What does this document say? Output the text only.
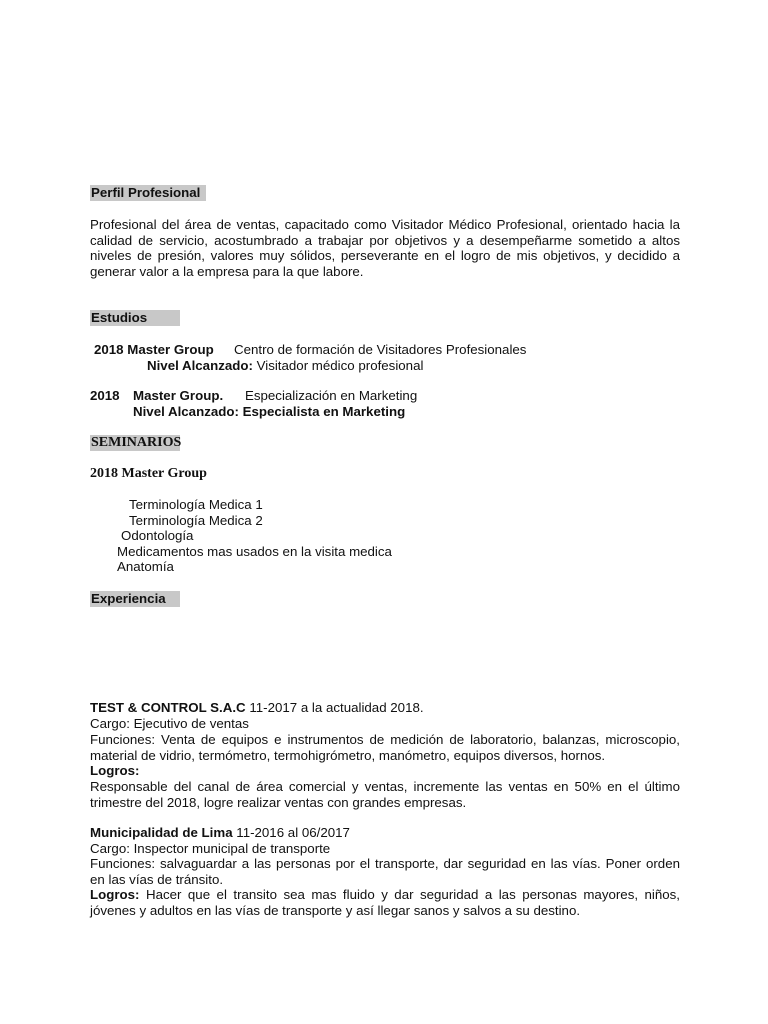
Perfil Profesional
Profesional del área de ventas, capacitado como Visitador Médico Profesional, orientado hacia la calidad de servicio, acostumbrado a trabajar por objetivos y a desempeñarme sometido a altos niveles de presión, valores muy sólidos, perseverante en el logro de mis objetivos, y decidido a generar valor a la empresa para la que labore.
Estudios
2018 Master Group Centro de formación de Visitadores Profesionales
Nivel Alcanzado: Visitador médico profesional
2018 Master Group. Especialización en Marketing
Nivel Alcanzado: Especialista en Marketing
SEMINARIOS
2018 Master Group
Terminología Medica 1
Terminología Medica 2
Odontología
Medicamentos mas usados en la visita medica
Anatomía
Experiencia
TEST & CONTROL S.A.C 11-2017 a la actualidad 2018.
Cargo: Ejecutivo de ventas
Funciones: Venta de equipos e instrumentos de medición de laboratorio, balanzas, microscopio, material de vidrio, termómetro, termohigrómetro, manómetro, equipos diversos, hornos.
Logros:
Responsable del canal de área comercial y ventas, incremente las ventas en 50% en el último trimestre del 2018, logre realizar ventas con grandes empresas.
Municipalidad de Lima 11-2016 al 06/2017
Cargo: Inspector municipal de transporte
Funciones: salvaguardar a las personas por el transporte, dar seguridad en las vías. Poner orden en las vías de tránsito.
Logros: Hacer que el transito sea mas fluido y dar seguridad a las personas mayores, niños, jóvenes y adultos en las vías de transporte y así llegar sanos y salvos a su destino.
